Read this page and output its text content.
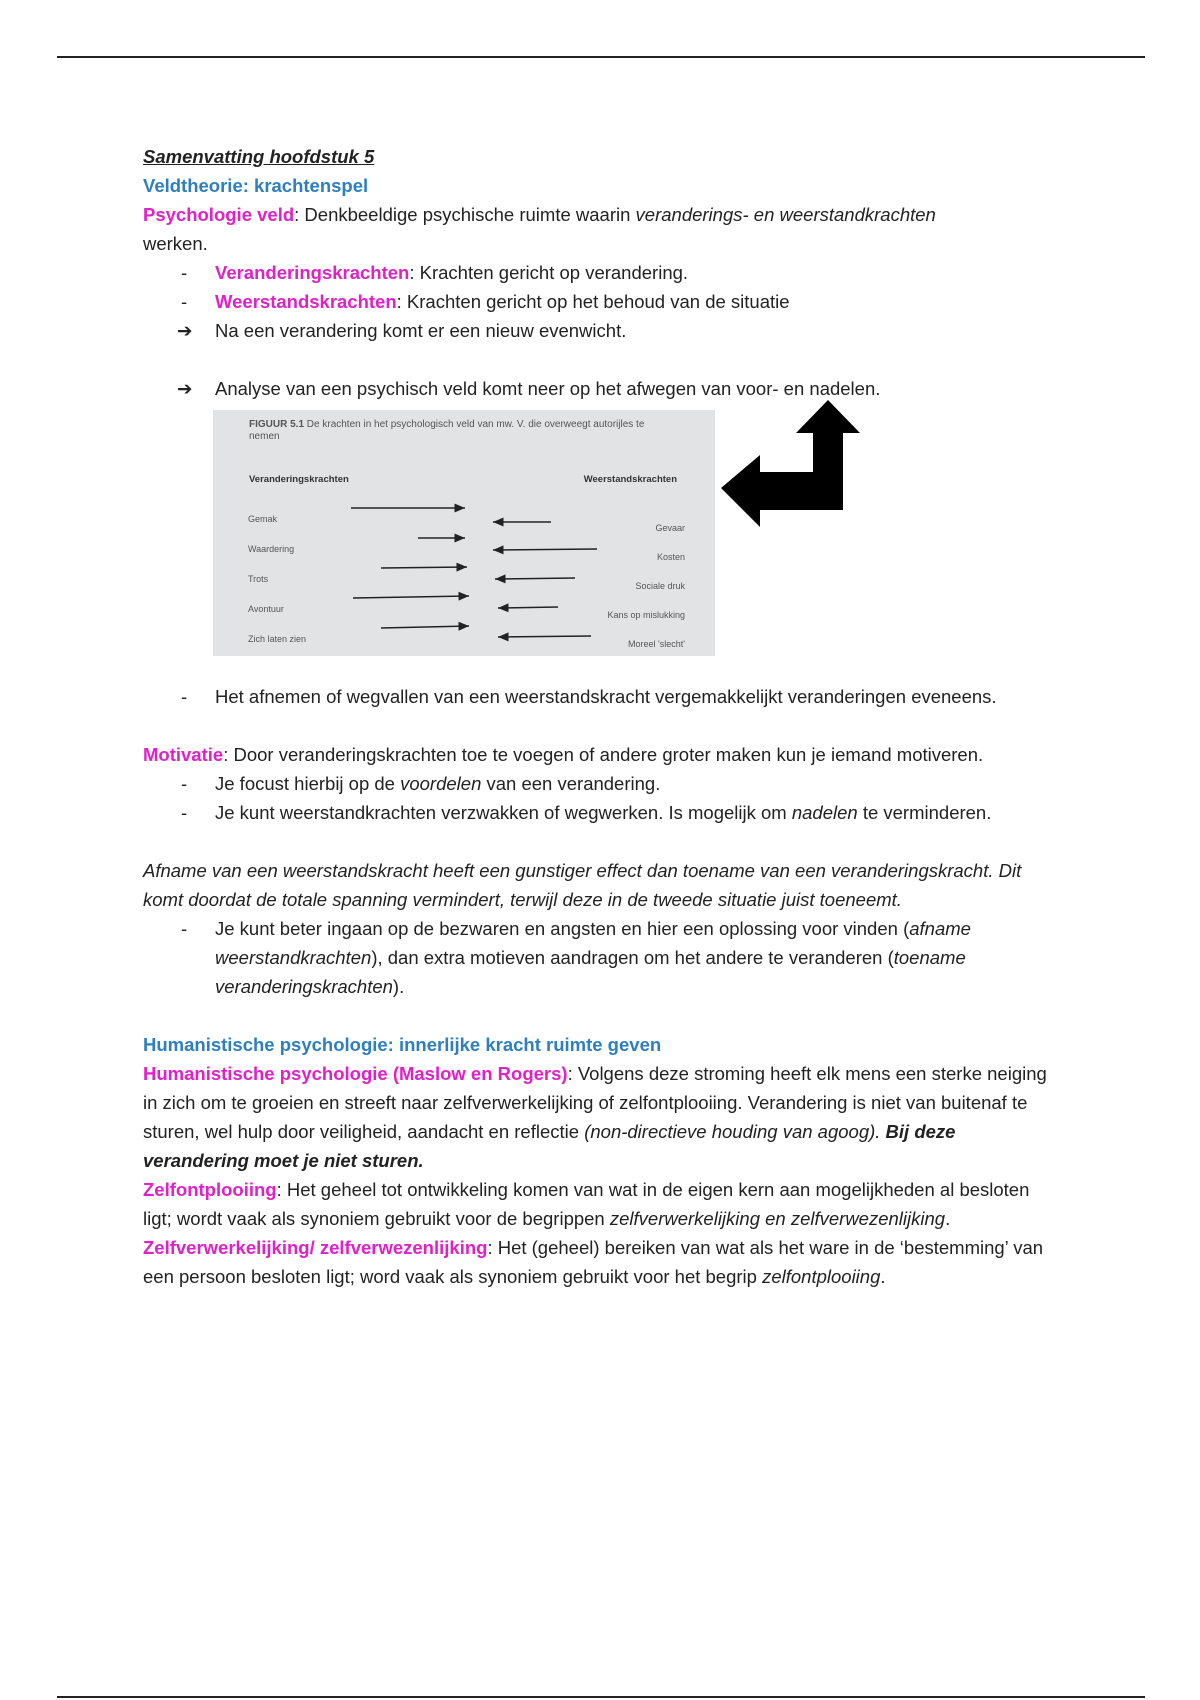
Samenvatting hoofdstuk 5

Veldtheorie: krachtenspel

Psychologie veld: Denkbeeldige psychische ruimte waarin veranderings- en weerstandkrachten
werken.

- Veranderingskrachten: Krachten gericht op verandering.
- Weerstandskrachten: Krachten gericht op het behoud van de situatie
➔ Na een verandering komt er een nieuw evenwicht.
➔ Analyse van een psychisch veld komt neer op het afwegen van voor- en nadelen.
FIGUUR 5.1 De krachten in het psychologisch veld van mw. V. die overweegt autorijles te nemen
Veranderingskrachten	Weerstandskrachten
Gemak
Waardering
Trots
Avontuur
Zich laten zien
Gevaar
Kosten
Sociale druk
Kans op mislukking
Moreel 'slecht'
- Het afnemen of wegvallen van een weerstandskracht vergemakkelijkt veranderingen eveneens.

Motivatie: Door veranderingskrachten toe te voegen of andere groter maken kun je iemand motiveren.

- Je focust hierbij op de voordelen van een verandering.
- Je kunt weerstandkrachten verzwakken of wegwerken. Is mogelijk om nadelen te verminderen.

Afname van een weerstandskracht heeft een gunstiger effect dan toename van een veranderingskracht. Dit komt doordat de totale spanning vermindert, terwijl deze in de tweede situatie juist toeneemt.

- Je kunt beter ingaan op de bezwaren en angsten en hier een oplossing voor vinden (afname weerstandkrachten), dan extra motieven aandragen om het andere te veranderen (toename veranderingskrachten).

Humanistische psychologie: innerlijke kracht ruimte geven

Humanistische psychologie (Maslow en Rogers): Volgens deze stroming heeft elk mens een sterke neiging in zich om te groeien en streeft naar zelfverwerkelijking of zelfontplooiing. Verandering is niet van buitenaf te sturen, wel hulp door veiligheid, aandacht en reflectie (non-directieve houding van agoog). Bij deze verandering moet je niet sturen.

Zelfontplooiing: Het geheel tot ontwikkeling komen van wat in de eigen kern aan mogelijkheden al besloten ligt; wordt vaak als synoniem gebruikt voor de begrippen zelfverwerkelijking en zelfverwezenlijking.

Zelfverwerkelijking/ zelfverwezenlijking: Het (geheel) bereiken van wat als het ware in de ‘bestemming’ van een persoon besloten ligt; word vaak als synoniem gebruikt voor het begrip zelfontplooiing.
